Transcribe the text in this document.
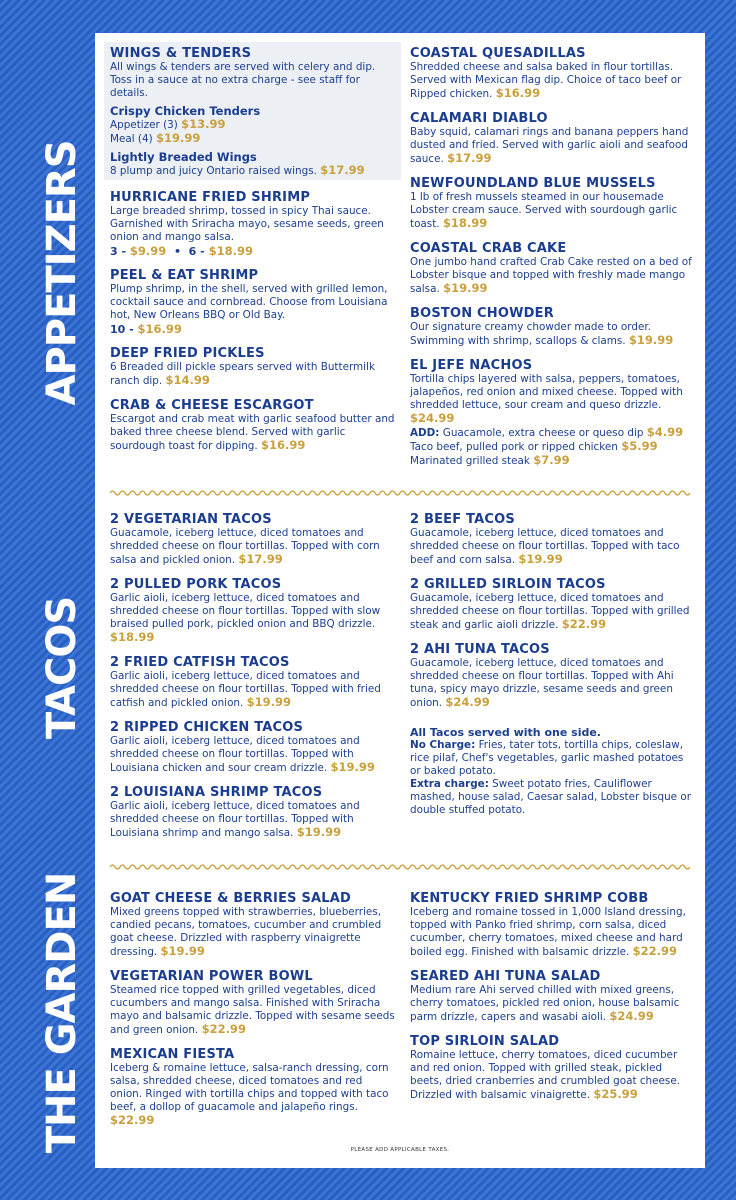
APPETIZERS
TACOS
THE GARDEN
WINGS & TENDERS
All wings & tenders are served with celery and dip. Toss in a sauce at no extra charge - see staff for details.
Crispy Chicken Tenders
Appetizer (3) $13.99
Meal (4) $19.99
Lightly Breaded Wings
8 plump and juicy Ontario raised wings. $17.99
HURRICANE FRIED SHRIMP
Large breaded shrimp, tossed in spicy Thai sauce. Garnished with Sriracha mayo, sesame seeds, green onion and mango salsa.
3 - $9.99 • 6 - $18.99
PEEL & EAT SHRIMP
Plump shrimp, in the shell, served with grilled lemon, cocktail sauce and cornbread. Choose from Louisiana hot, New Orleans BBQ or Old Bay.
10 - $16.99
DEEP FRIED PICKLES
6 Breaded dill pickle spears served with Buttermilk ranch dip. $14.99
CRAB & CHEESE ESCARGOT
Escargot and crab meat with garlic seafood butter and baked three cheese blend. Served with garlic sourdough toast for dipping. $16.99
COASTAL QUESADILLAS
Shredded cheese and salsa baked in flour tortillas. Served with Mexican flag dip. Choice of taco beef or Ripped chicken. $16.99
CALAMARI DIABLO
Baby squid, calamari rings and banana peppers hand dusted and fried. Served with garlic aioli and seafood sauce. $17.99
NEWFOUNDLAND BLUE MUSSELS
1 lb of fresh mussels steamed in our housemade Lobster cream sauce. Served with sourdough garlic toast. $18.99
COASTAL CRAB CAKE
One jumbo hand crafted Crab Cake rested on a bed of Lobster bisque and topped with freshly made mango salsa. $19.99
BOSTON CHOWDER
Our signature creamy chowder made to order. Swimming with shrimp, scallops & clams. $19.99
EL JEFE NACHOS
Tortilla chips layered with salsa, peppers, tomatoes, jalapeños, red onion and mixed cheese. Topped with shredded lettuce, sour cream and queso drizzle. $24.99
ADD: Guacamole, extra cheese or queso dip $4.99
Taco beef, pulled pork or ripped chicken $5.99
Marinated grilled steak $7.99
2 VEGETARIAN TACOS
Guacamole, iceberg lettuce, diced tomatoes and shredded cheese on flour tortillas. Topped with corn salsa and pickled onion. $17.99
2 PULLED PORK TACOS
Garlic aioli, iceberg lettuce, diced tomatoes and shredded cheese on flour tortillas. Topped with slow braised pulled pork, pickled onion and BBQ drizzle. $18.99
2 FRIED CATFISH TACOS
Garlic aioli, iceberg lettuce, diced tomatoes and shredded cheese on flour tortillas. Topped with fried catfish and pickled onion. $19.99
2 RIPPED CHICKEN TACOS
Garlic aioli, iceberg lettuce, diced tomatoes and shredded cheese on flour tortillas. Topped with Louisiana chicken and sour cream drizzle. $19.99
2 LOUISIANA SHRIMP TACOS
Garlic aioli, iceberg lettuce, diced tomatoes and shredded cheese on flour tortillas. Topped with Louisiana shrimp and mango salsa. $19.99
2 BEEF TACOS
Guacamole, iceberg lettuce, diced tomatoes and shredded cheese on flour tortillas. Topped with taco beef and corn salsa. $19.99
2 GRILLED SIRLOIN TACOS
Guacamole, iceberg lettuce, diced tomatoes and shredded cheese on flour tortillas. Topped with grilled steak and garlic aioli drizzle. $22.99
2 AHI TUNA TACOS
Guacamole, iceberg lettuce, diced tomatoes and shredded cheese on flour tortillas. Topped with Ahi tuna, spicy mayo drizzle, sesame seeds and green onion. $24.99
All Tacos served with one side.
No Charge: Fries, tater tots, tortilla chips, coleslaw, rice pilaf, Chef's vegetables, garlic mashed potatoes or baked potato.
Extra charge: Sweet potato fries, Cauliflower mashed, house salad, Caesar salad, Lobster bisque or double stuffed potato.
GOAT CHEESE & BERRIES SALAD
Mixed greens topped with strawberries, blueberries, candied pecans, tomatoes, cucumber and crumbled goat cheese. Drizzled with raspberry vinaigrette dressing. $19.99
VEGETARIAN POWER BOWL
Steamed rice topped with grilled vegetables, diced cucumbers and mango salsa. Finished with Sriracha mayo and balsamic drizzle. Topped with sesame seeds and green onion. $22.99
MEXICAN FIESTA
Iceberg & romaine lettuce, salsa-ranch dressing, corn salsa, shredded cheese, diced tomatoes and red onion. Ringed with tortilla chips and topped with taco beef, a dollop of guacamole and jalapeño rings. $22.99
KENTUCKY FRIED SHRIMP COBB
Iceberg and romaine tossed in 1,000 Island dressing, topped with Panko fried shrimp, corn salsa, diced cucumber, cherry tomatoes, mixed cheese and hard boiled egg. Finished with balsamic drizzle. $22.99
SEARED AHI TUNA SALAD
Medium rare Ahi served chilled with mixed greens, cherry tomatoes, pickled red onion, house balsamic parm drizzle, capers and wasabi aioli. $24.99
TOP SIRLOIN SALAD
Romaine lettuce, cherry tomatoes, diced cucumber and red onion. Topped with grilled steak, pickled beets, dried cranberries and crumbled goat cheese. Drizzled with balsamic vinaigrette. $25.99
PLEASE ADD APPLICABLE TAXES.
